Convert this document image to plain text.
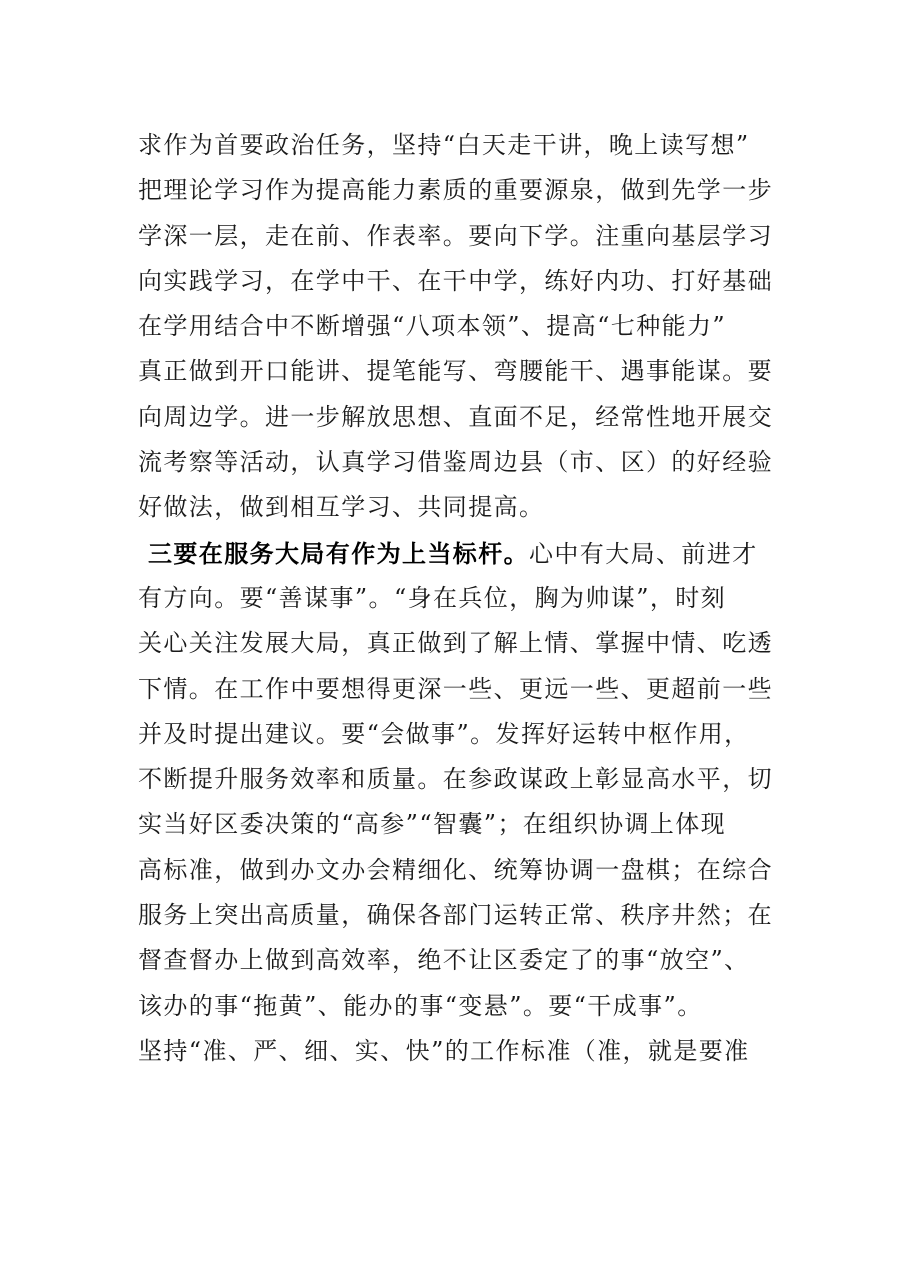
求作为首要政治任务，坚持“白天走干讲，晚上读写想”
把理论学习作为提高能力素质的重要源泉，做到先学一步
学深一层，走在前、作表率。要向下学。注重向基层学习
向实践学习，在学中干、在干中学，练好内功、打好基础
在学用结合中不断增强“八项本领”、提高“七种能力”
真正做到开口能讲、提笔能写、弯腰能干、遇事能谋。要
向周边学。进一步解放思想、直面不足，经常性地开展交
流考察等活动，认真学习借鉴周边县（市、区）的好经验
好做法，做到相互学习、共同提高。
三要在服务大局有作为上当标杆。心中有大局、前进才
有方向。要“善谋事”。“身在兵位，胸为帅谋”，时刻
关心关注发展大局，真正做到了解上情、掌握中情、吃透
下情。在工作中要想得更深一些、更远一些、更超前一些
并及时提出建议。要“会做事”。发挥好运转中枢作用，
不断提升服务效率和质量。在参政谋政上彰显高水平，切
实当好区委决策的“高参”“智囊”；在组织协调上体现
高标准，做到办文办会精细化、统筹协调一盘棋；在综合
服务上突出高质量，确保各部门运转正常、秩序井然；在
督查督办上做到高效率，绝不让区委定了的事“放空”、
该办的事“拖黄”、能办的事“变悬”。要“干成事”。
坚持“准、严、细、实、快”的工作标准（准，就是要准
